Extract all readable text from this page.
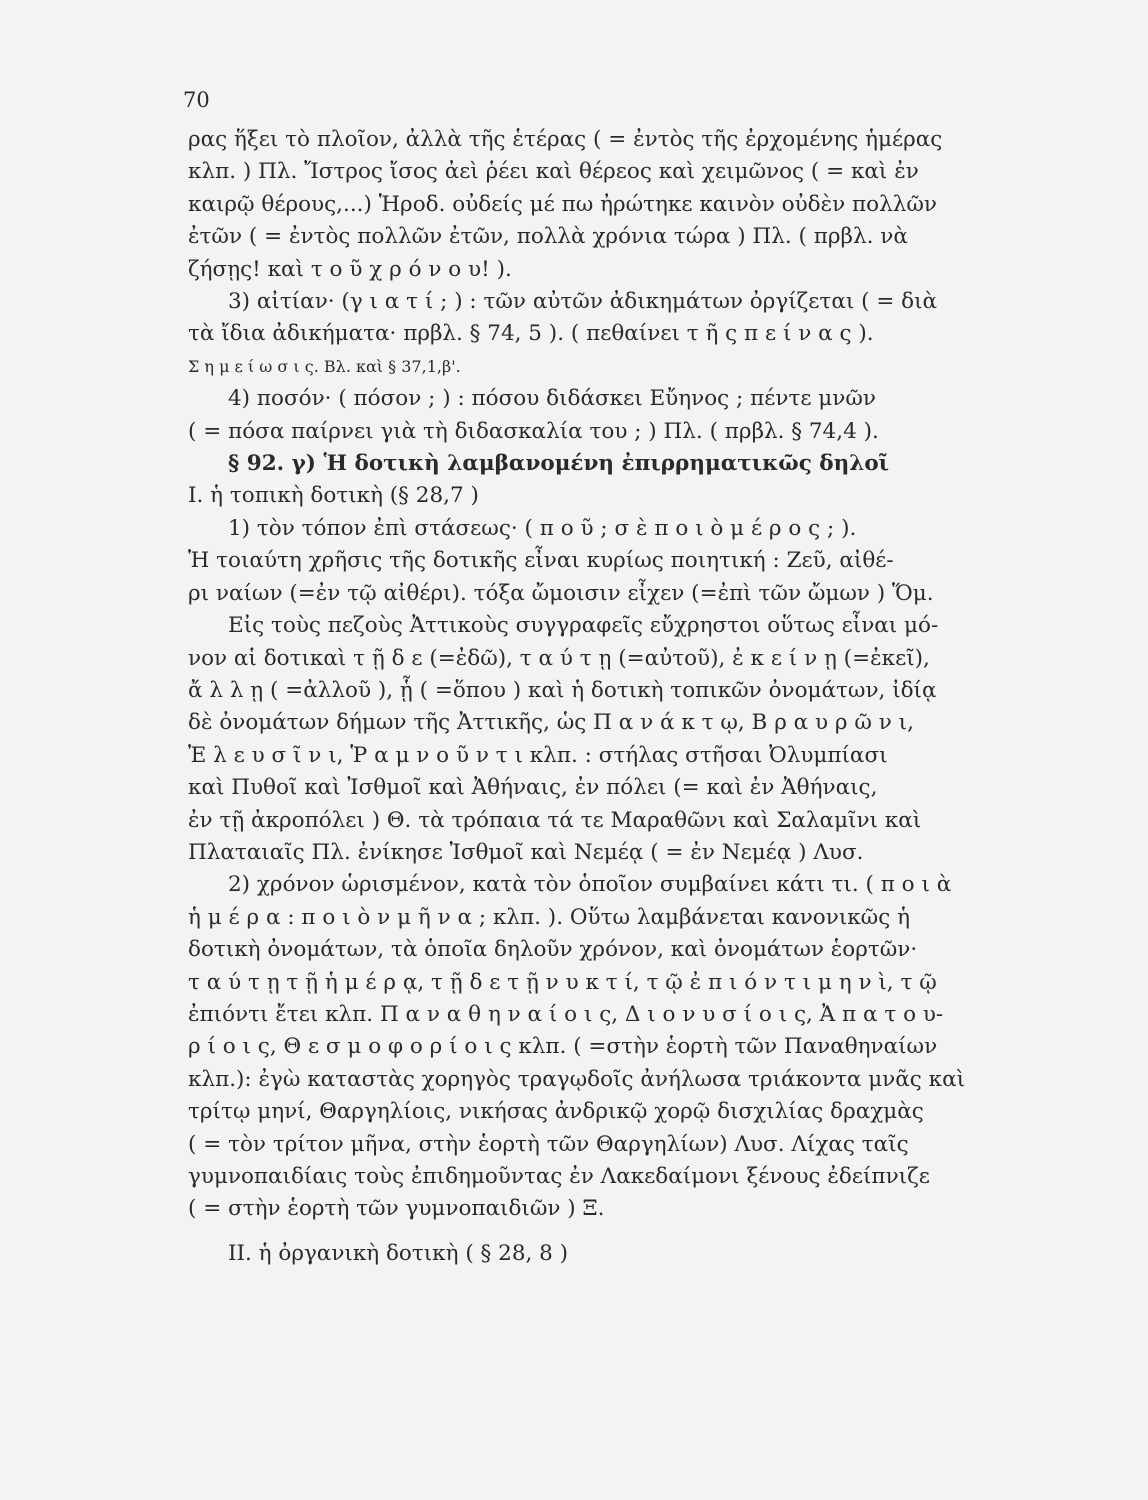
70
ρας ἥξει τὸ πλοῖον, ἀλλὰ τῆς ἑτέρας ( = ἐντὸς τῆς ἐρχομένης ἡμέρας
κλπ. ) Πλ. Ἴστρος ἴσος ἀεὶ ῥέει καὶ θέρεος καὶ χειμῶνος ( = καὶ ἐν
καιρῷ θέρους,...) Ἡροδ. οὐδείς μέ πω ἠρώτηκε καινὸν οὐδὲν πολλῶν
ἐτῶν ( = ἐντὸς πολλῶν ἐτῶν, πολλὰ χρόνια τώρα ) Πλ. ( πρβλ. νὰ
ζήσῃς! καὶ τ ο ῦ χ ρ ό ν ο υ! ).
3) αἰτίαν· (γ ι α τ ί ; ) : τῶν αὐτῶν ἀδικημάτων ὀργίζεται ( = διὰ
τὰ ἴδια ἀδικήματα· πρβλ. § 74, 5 ). ( πεθαίνει τ ῆ ς π ε ί ν α ς ).
Σ η μ ε ί ω σ ι ς. Βλ. καὶ § 37,1,β'.
4) ποσόν· ( πόσον ; ) : πόσου διδάσκει Εὔηνος ; πέντε μνῶν
( = πόσα παίρνει γιὰ τὴ διδασκαλία του ; ) Πλ. ( πρβλ. § 74,4 ).
§ 92. γ) Ἡ δοτικὴ λαμβανομένη ἐπιρρηματικῶς δηλοῖ
Ι. ἡ τοπικὴ δοτικὴ (§ 28,7 )
1) τὸν τόπον ἐπὶ στάσεως· ( π ο ῦ ; σ ὲ π ο ι ὸ μ έ ρ ο ς ; ).
Ἡ τοιαύτη χρῆσις τῆς δοτικῆς εἶναι κυρίως ποιητική : Ζεῦ, αἰθέ-
ρι ναίων (=ἐν τῷ αἰθέρι). τόξα ὤμοισιν εἶχεν (=ἐπὶ τῶν ὤμων ) Ὅμ.
Εἰς τοὺς πεζοὺς Ἀττικοὺς συγγραφεῖς εὔχρηστοι οὕτως εἶναι μό-
νον αἱ δοτικαὶ τ ῇ δ ε (=ἐδῶ), τ α ύ τ ῃ (=αὐτοῦ), ἐ κ ε ί ν ῃ (=ἐκεῖ),
ἄ λ λ ῃ ( =ἀλλοῦ ), ᾗ ( =ὅπου ) καὶ ἡ δοτικὴ τοπικῶν ὀνομάτων, ἰδίᾳ
δὲ ὀνομάτων δήμων τῆς Ἀττικῆς, ὡς Π α ν ά κ τ ῳ, Β ρ α υ ρ ῶ ν ι,
Ἐ λ ε υ σ ῖ ν ι, Ῥ α μ ν ο ῦ ν τ ι κλπ. : στήλας στῆσαι Ὀλυμπίασι
καὶ Πυθοῖ καὶ Ἰσθμοῖ καὶ Ἀθήναις, ἐν πόλει (= καὶ ἐν Ἀθήναις,
ἐν τῇ ἀκροπόλει ) Θ. τὰ τρόπαια τά τε Μαραθῶνι καὶ Σαλαμῖνι καὶ
Πλαταιαῖς Πλ. ἐνίκησε Ἰσθμοῖ καὶ Νεμέᾳ ( = ἐν Νεμέᾳ ) Λυσ.
2) χρόνον ὡρισμένον, κατὰ τὸν ὁποῖον συμβαίνει κάτι τι. ( π ο ι ὰ
ἡ μ έ ρ α : π ο ι ὸ ν μ ῆ ν α ; κλπ. ). Οὕτω λαμβάνεται κανονικῶς ἡ
δοτικὴ ὀνομάτων, τὰ ὁποῖα δηλοῦν χρόνον, καὶ ὀνομάτων ἑορτῶν·
τ α ύ τ ῃ τ ῇ ἡ μ έ ρ ᾳ, τ ῇ δ ε τ ῇ ν υ κ τ ί, τ ῷ ἐ π ι ό ν τ ι μ η ν ὶ, τ ῷ
ἐπιόντι ἔτει κλπ. Π α ν α θ η ν α ί ο ι ς, Δ ι ο ν υ σ ί ο ι ς, Ἀ π α τ ο υ-
ρ ί ο ι ς, Θ ε σ μ ο φ ο ρ ί ο ι ς κλπ. ( =στὴν ἑορτὴ τῶν Παναθηναίων
κλπ.): ἐγὼ καταστὰς χορηγὸς τραγῳδοῖς ἀνήλωσα τριάκοντα μνᾶς καὶ
τρίτῳ μηνί, Θαργηλίοις, νικήσας ἀνδρικῷ χορῷ δισχιλίας δραχμὰς
( = τὸν τρίτον μῆνα, στὴν ἑορτὴ τῶν Θαργηλίων) Λυσ. Λίχας ταῖς
γυμνοπαιδίαις τοὺς ἐπιδημοῦντας ἐν Λακεδαίμονι ξένους ἐδείπνιζε
( = στὴν ἑορτὴ τῶν γυμνοπαιδιῶν ) Ξ.
ΙΙ. ἡ ὀργανικὴ δοτικὴ ( § 28, 8 )
